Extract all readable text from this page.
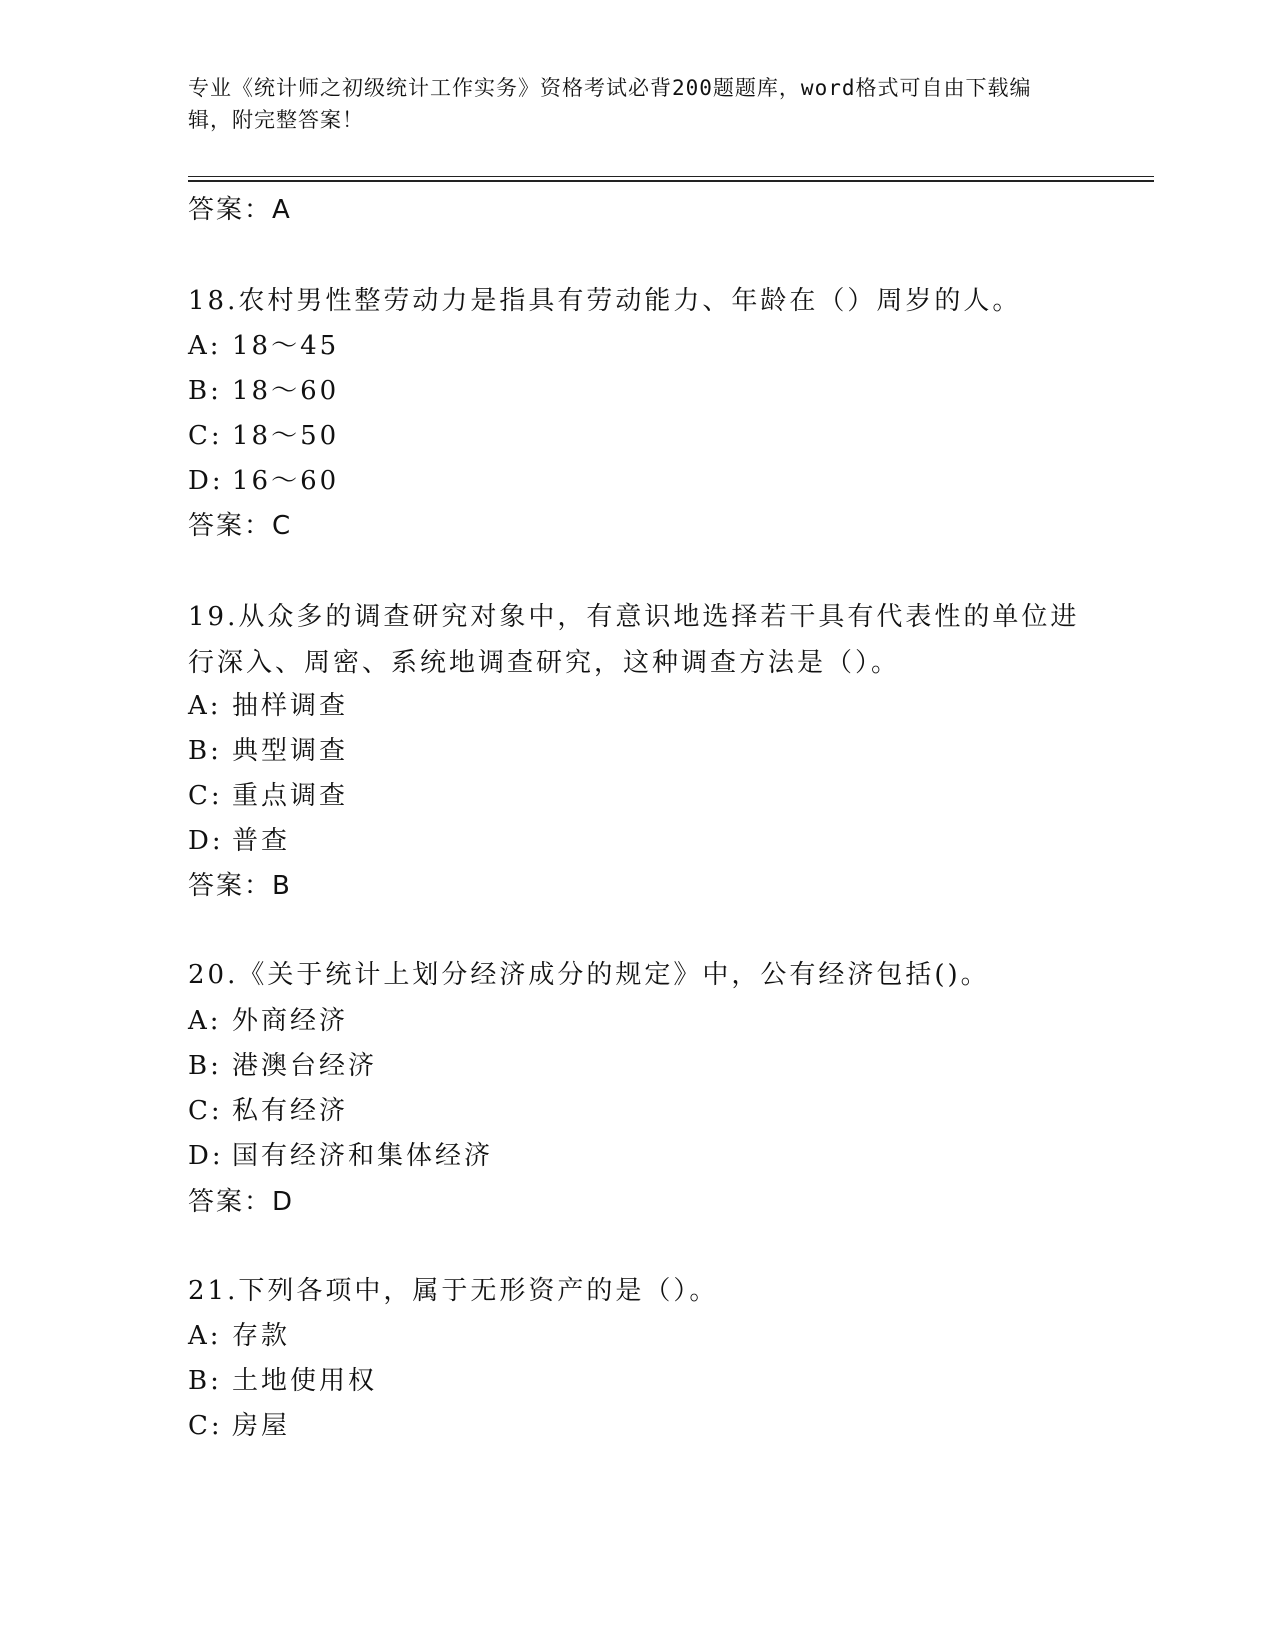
专业《统计师之初级统计工作实务》资格考试必背200题题库，word格式可自由下载编辑，附完整答案！

答案：A

18.农村男性整劳动力是指具有劳动能力、年龄在（）周岁的人。

A: 18～45

B: 18～60

C: 18～50

D: 16～60

答案：C

19.从众多的调查研究对象中，有意识地选择若干具有代表性的单位进行深入、周密、系统地调查研究，这种调查方法是（）。

A: 抽样调查

B: 典型调查

C: 重点调查

D: 普查

答案：B

20.《关于统计上划分经济成分的规定》中，公有经济包括()。

A: 外商经济

B: 港澳台经济

C: 私有经济

D: 国有经济和集体经济

答案：D

21.下列各项中，属于无形资产的是（）。

A: 存款

B: 土地使用权

C: 房屋
